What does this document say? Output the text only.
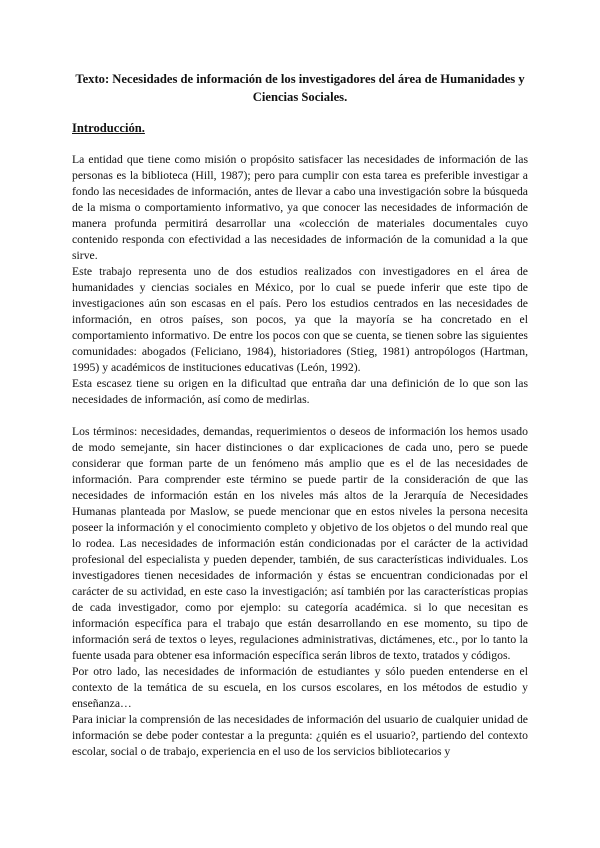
Texto: Necesidades de información de los investigadores del área de Humanidades y Ciencias Sociales.
Introducción.

La entidad que tiene como misión o propósito satisfacer las necesidades de información de las personas es la biblioteca (Hill, 1987); pero para cumplir con esta tarea es preferible investigar a fondo las necesidades de información, antes de llevar a cabo una investigación sobre la búsqueda de la misma o comportamiento informativo, ya que conocer las necesidades de información de manera profunda permitirá desarrollar una «colección de materiales documentales cuyo contenido responda con efectividad a las necesidades de información de la comunidad a la que sirve.

Este trabajo representa uno de dos estudios realizados con investigadores en el área de humanidades y ciencias sociales en México, por lo cual se puede inferir que este tipo de investigaciones aún son escasas en el país. Pero los estudios centrados en las necesidades de información, en otros países, son pocos, ya que la mayoría se ha concretado en el comportamiento informativo. De entre los pocos con que se cuenta, se tienen sobre las siguientes comunidades: abogados (Feliciano, 1984), historiadores (Stieg, 1981) antropólogos (Hartman, 1995) y académicos de instituciones educativas (León, 1992).

Esta escasez tiene su origen en la dificultad que entraña dar una definición de lo que son las necesidades de información, así como de medirlas.

Los términos: necesidades, demandas, requerimientos o deseos de información los hemos usado de modo semejante, sin hacer distinciones o dar explicaciones de cada uno, pero se puede considerar que forman parte de un fenómeno más amplio que es el de las necesidades de información. Para comprender este término se puede partir de la consideración de que las necesidades de información están en los niveles más altos de la Jerarquía de Necesidades Humanas planteada por Maslow, se puede mencionar que en estos niveles la persona necesita poseer la información y el conocimiento completo y objetivo de los objetos o del mundo real que lo rodea. Las necesidades de información están condicionadas por el carácter de la actividad profesional del especialista y pueden depender, también, de sus características individuales. Los investigadores tienen necesidades de información y éstas se encuentran condicionadas por el carácter de su actividad, en este caso la investigación; así también por las características propias de cada investigador, como por ejemplo: su categoría académica. si lo que necesitan es información específica para el trabajo que están desarrollando en ese momento, su tipo de información será de textos o leyes, regulaciones administrativas, dictámenes, etc., por lo tanto la fuente usada para obtener esa información específica serán libros de texto, tratados y códigos.

Por otro lado, las necesidades de información de estudiantes y sólo pueden entenderse en el contexto de la temática de su escuela, en los cursos escolares, en los métodos de estudio y enseñanza…

Para iniciar la comprensión de las necesidades de información del usuario de cualquier unidad de información se debe poder contestar a la pregunta: ¿quién es el usuario?, partiendo del contexto escolar, social o de trabajo, experiencia en el uso de los servicios bibliotecarios y
